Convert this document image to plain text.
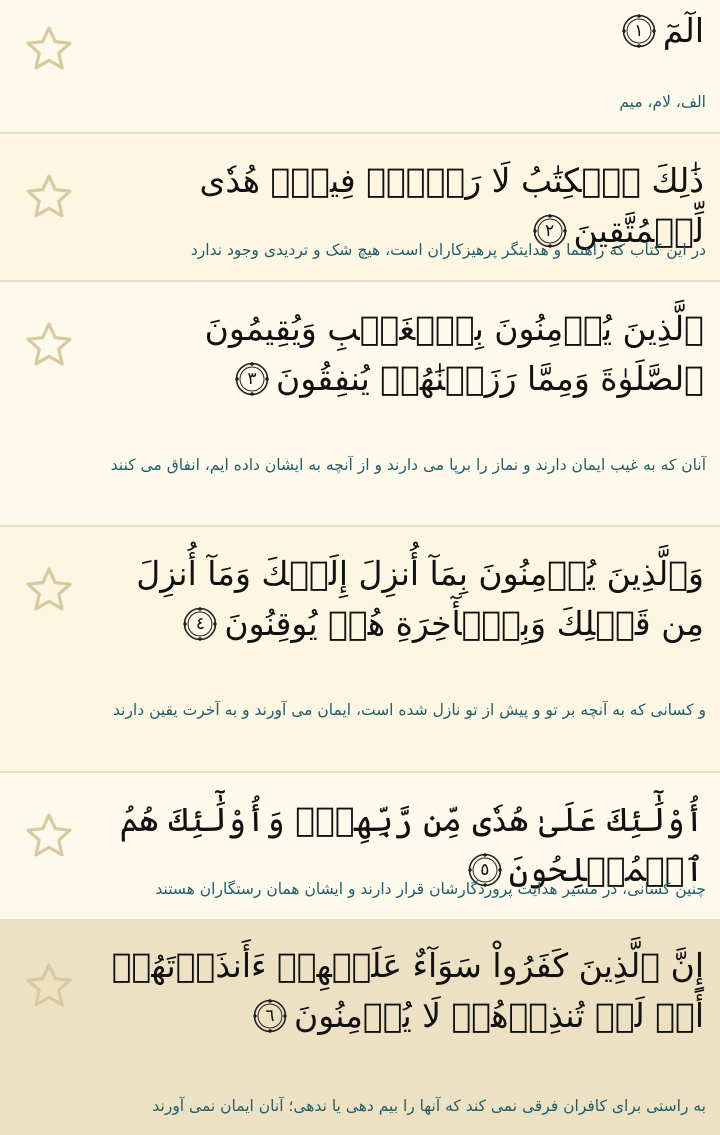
الٓمٓ
١
الف، لام، میم
ذَٰلِكَ ٱلۡكِتَٰبُ لَا رَيۡبَۛ فِيهِۛ هُدٗى لِّلۡمُتَّقِينَ
٢
در این کتاب که راهنما و هدایتگر پرهیزکاران است، هیچ شک و تردیدی وجود ندارد
ٱلَّذِينَ يُؤۡمِنُونَ بِٱلۡغَيۡبِ وَيُقِيمُونَ ٱلصَّلَوٰةَ وَمِمَّا رَزَقۡنَٰهُمۡ يُنفِقُونَ
٣
آنان که به غیب ایمان دارند و نماز را برپا می دارند و از آنچه به ایشان داده ایم، انفاق می کنند
وَٱلَّذِينَ يُؤۡمِنُونَ بِمَآ أُنزِلَ إِلَيۡكَ وَمَآ أُنزِلَ مِن قَبۡلِكَ وَبِٱلۡأٓخِرَةِ هُمۡ يُوقِنُونَ
٤
و کسانی که به آنچه بر تو و پیش از تو نازل شده است، ایمان می آورند و به آخرت یقین دارند
أُوْلَٰٓئِكَ عَلَىٰ هُدٗى مِّن رَّبِّهِمۡۖ وَأُوْلَٰٓئِكَ هُمُ ٱلۡمُفۡلِحُونَ
٥
چنین کسانی، در مسیر هدایت پروردگارشان قرار دارند و ایشان همان رستگاران هستند
إِنَّ ٱلَّذِينَ كَفَرُواْ سَوَآءٌ عَلَيۡهِمۡ ءَأَنذَرۡتَهُمۡ أَمۡ لَمۡ تُنذِرۡهُمۡ لَا يُؤۡمِنُونَ
٦
به راستی برای کافران فرقی نمی کند که آنها را بیم دهی یا ندهی؛ آنان ایمان نمی آورند
